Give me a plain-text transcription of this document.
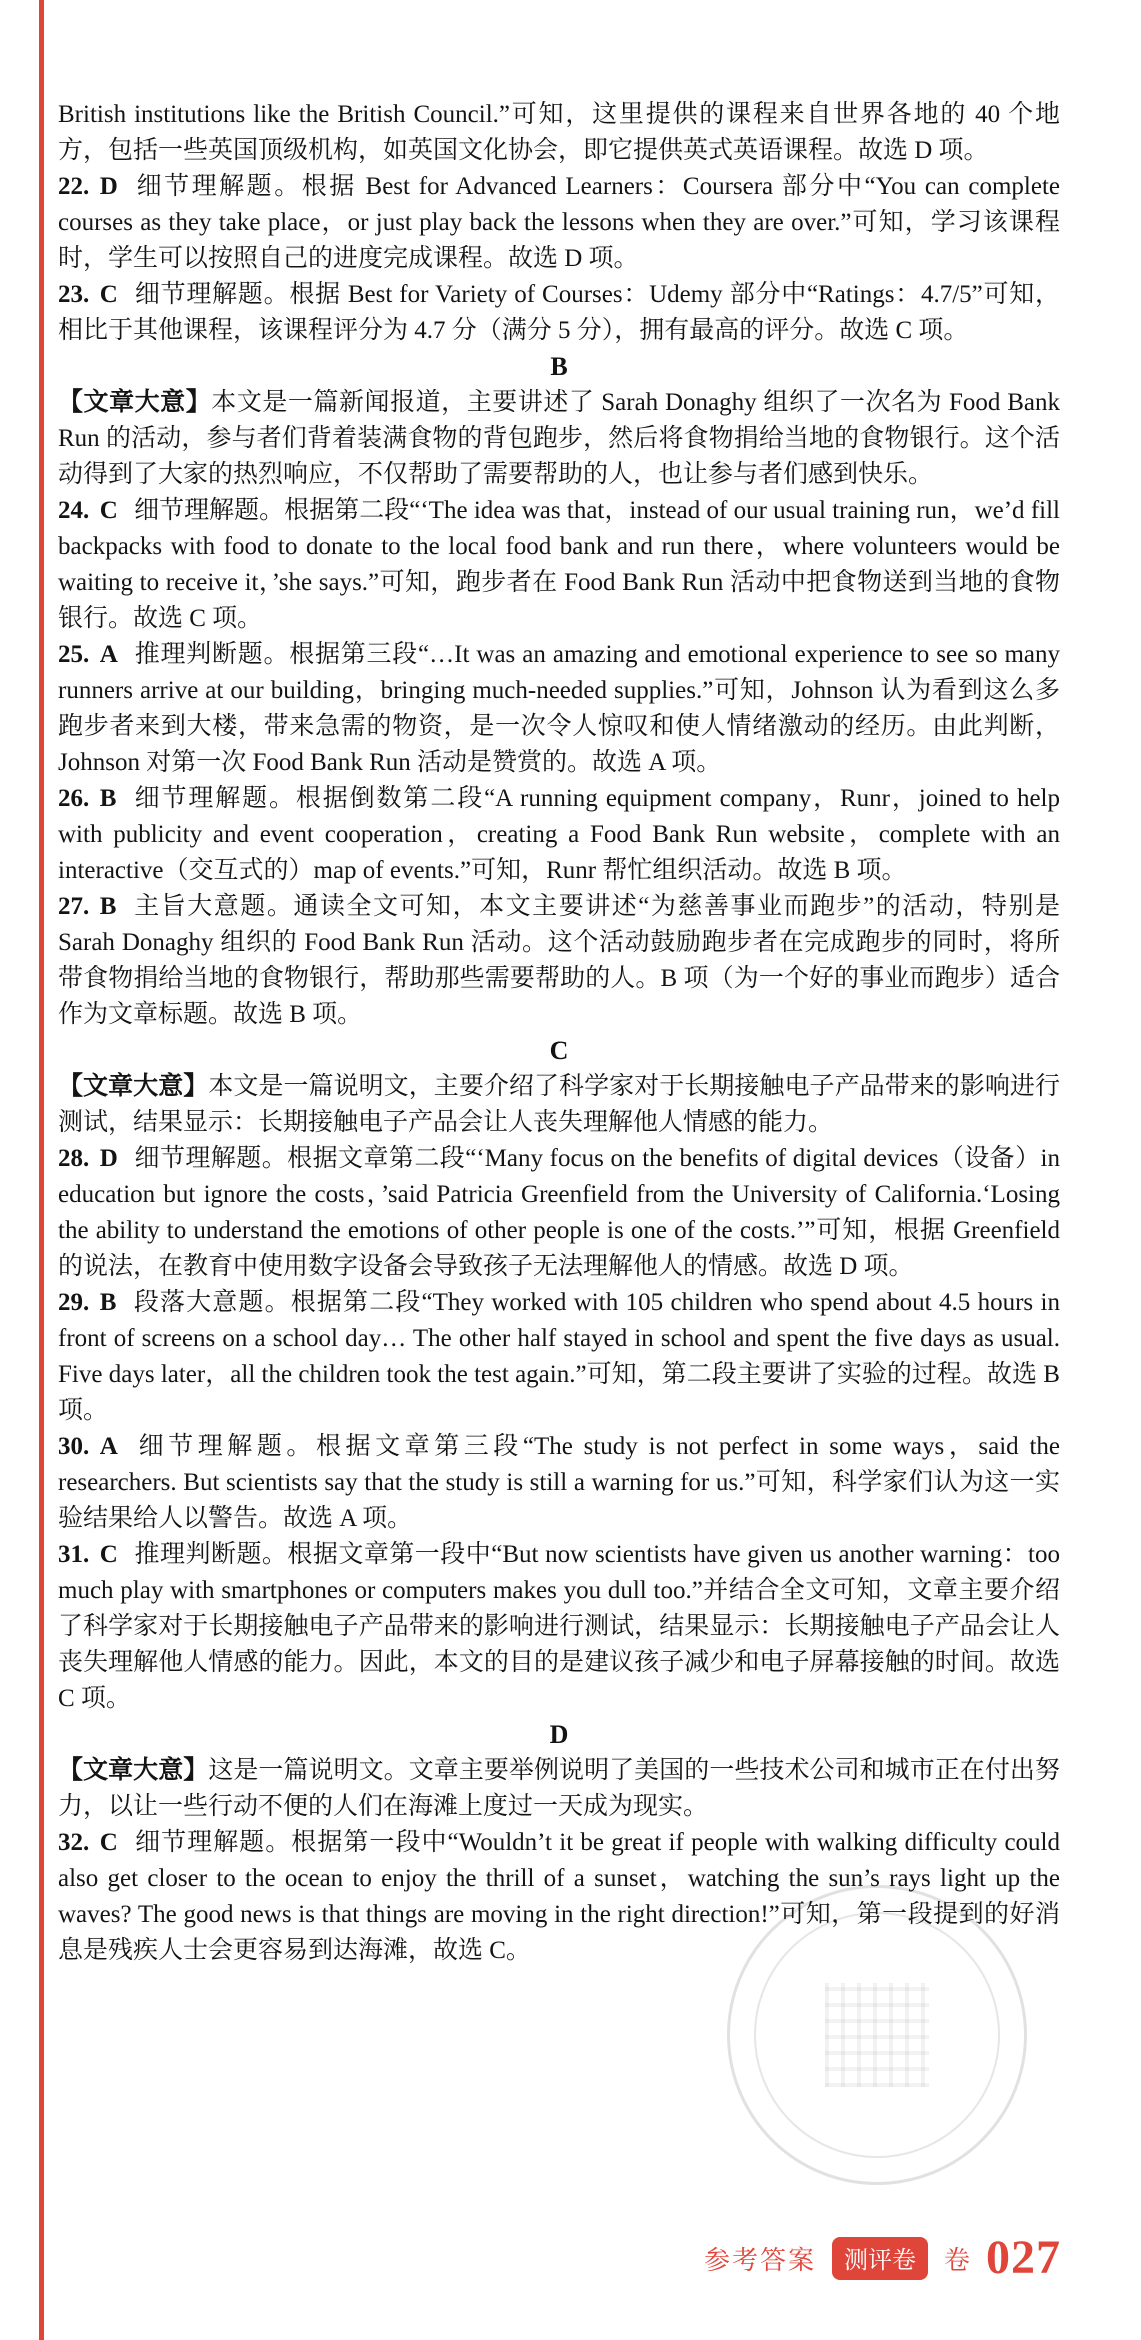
British institutions like the British Council.”可知，这里提供的课程来自世界各地的 40 个地方，包括一些英国顶级机构，如英国文化协会，即它提供英式英语课程。故选 D 项。

22. D 细节理解题。根据 Best for Advanced Learners：Coursera 部分中“You can complete courses as they take place，or just play back the lessons when they are over.”可知，学习该课程时，学生可以按照自己的进度完成课程。故选 D 项。

23. C 细节理解题。根据 Best for Variety of Courses：Udemy 部分中“Ratings：4.7/5”可知，相比于其他课程，该课程评分为 4.7 分（满分 5 分），拥有最高的评分。故选 C 项。

B

【文章大意】本文是一篇新闻报道，主要讲述了 Sarah Donaghy 组织了一次名为 Food Bank Run 的活动，参与者们背着装满食物的背包跑步，然后将食物捐给当地的食物银行。这个活动得到了大家的热烈响应，不仅帮助了需要帮助的人，也让参与者们感到快乐。

24. C 细节理解题。根据第二段“‘The idea was that，instead of our usual training run，we’d fill backpacks with food to donate to the local food bank and run there，where volunteers would be waiting to receive it，’she says.”可知，跑步者在 Food Bank Run 活动中把食物送到当地的食物银行。故选 C 项。

25. A 推理判断题。根据第三段“…It was an amazing and emotional experience to see so many runners arrive at our building，bringing much-needed supplies.”可知，Johnson 认为看到这么多跑步者来到大楼，带来急需的物资，是一次令人惊叹和使人情绪激动的经历。由此判断，Johnson 对第一次 Food Bank Run 活动是赞赏的。故选 A 项。

26. B 细节理解题。根据倒数第二段“A running equipment company，Runr，joined to help with publicity and event cooperation，creating a Food Bank Run website，complete with an interactive（交互式的）map of events.”可知，Runr 帮忙组织活动。故选 B 项。

27. B 主旨大意题。通读全文可知，本文主要讲述“为慈善事业而跑步”的活动，特别是 Sarah Donaghy 组织的 Food Bank Run 活动。这个活动鼓励跑步者在完成跑步的同时，将所带食物捐给当地的食物银行，帮助那些需要帮助的人。B 项（为一个好的事业而跑步）适合作为文章标题。故选 B 项。

C

【文章大意】本文是一篇说明文，主要介绍了科学家对于长期接触电子产品带来的影响进行测试，结果显示：长期接触电子产品会让人丧失理解他人情感的能力。

28. D 细节理解题。根据文章第二段“‘Many focus on the benefits of digital devices（设备）in education but ignore the costs，’said Patricia Greenfield from the University of California.‘Losing the ability to understand the emotions of other people is one of the costs.’”可知，根据 Greenfield 的说法，在教育中使用数字设备会导致孩子无法理解他人的情感。故选 D 项。

29. B 段落大意题。根据第二段“They worked with 105 children who spend about 4.5 hours in front of screens on a school day… The other half stayed in school and spent the five days as usual. Five days later，all the children took the test again.”可知，第二段主要讲了实验的过程。故选 B 项。

30. A 细节理解题。根据文章第三段“The study is not perfect in some ways，said the researchers. But scientists say that the study is still a warning for us.”可知，科学家们认为这一实验结果给人以警告。故选 A 项。

31. C 推理判断题。根据文章第一段中“But now scientists have given us another warning：too much play with smartphones or computers makes you dull too.”并结合全文可知，文章主要介绍了科学家对于长期接触电子产品带来的影响进行测试，结果显示：长期接触电子产品会让人丧失理解他人情感的能力。因此，本文的目的是建议孩子减少和电子屏幕接触的时间。故选 C 项。

D

【文章大意】这是一篇说明文。文章主要举例说明了美国的一些技术公司和城市正在付出努力，以让一些行动不便的人们在海滩上度过一天成为现实。

32. C 细节理解题。根据第一段中“Wouldn’t it be great if people with walking difficulty could also get closer to the ocean to enjoy the thrill of a sunset，watching the sun’s rays light up the waves? The good news is that things are moving in the right direction!”可知，第一段提到的好消息是残疾人士会更容易到达海滩，故选 C。

参考答案	测评卷	卷 027
